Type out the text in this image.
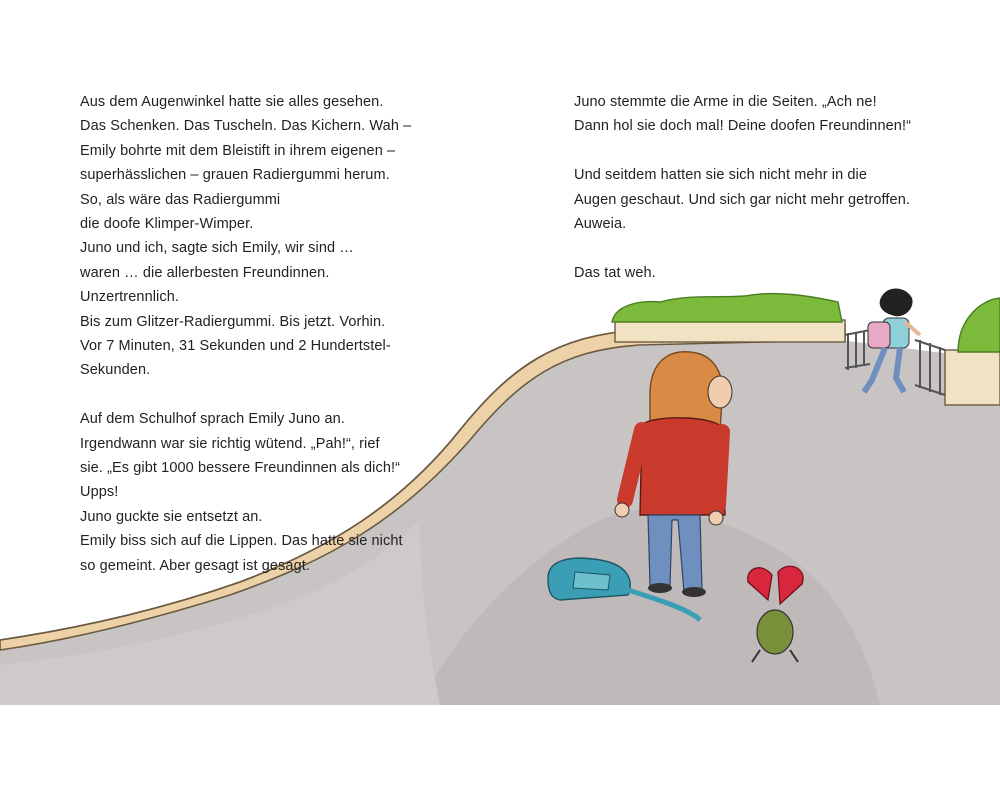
Aus dem Augenwinkel hatte sie alles gesehen.
Das Schenken. Das Tuscheln. Das Kichern. Wah –
Emily bohrte mit dem Bleistift in ihrem eigenen –
superhässlichen – grauen Radiergummi herum.
So, als wäre das Radiergummi
die doofe Klimper-Wimper.
Juno und ich, sagte sich Emily, wir sind …
waren … die allerbesten Freundinnen.
Unzertrennlich.
Bis zum Glitzer-Radiergummi. Bis jetzt. Vorhin.
Vor 7 Minuten, 31 Sekunden und 2 Hundertstel-
Sekunden.
Auf dem Schulhof sprach Emily Juno an.
Irgendwann war sie richtig wütend. „Pah!“, rief
sie. „Es gibt 1000 bessere Freundinnen als dich!“
Upps!
Juno guckte sie entsetzt an.
Emily biss sich auf die Lippen. Das hatte sie nicht
so gemeint. Aber gesagt ist gesagt.
Juno stemmte die Arme in die Seiten. „Ach ne!
Dann hol sie doch mal! Deine doofen Freundinnen!“
Und seitdem hatten sie sich nicht mehr in die
Augen geschaut. Und sich gar nicht mehr getroffen.
Auweia.
Das tat weh.
